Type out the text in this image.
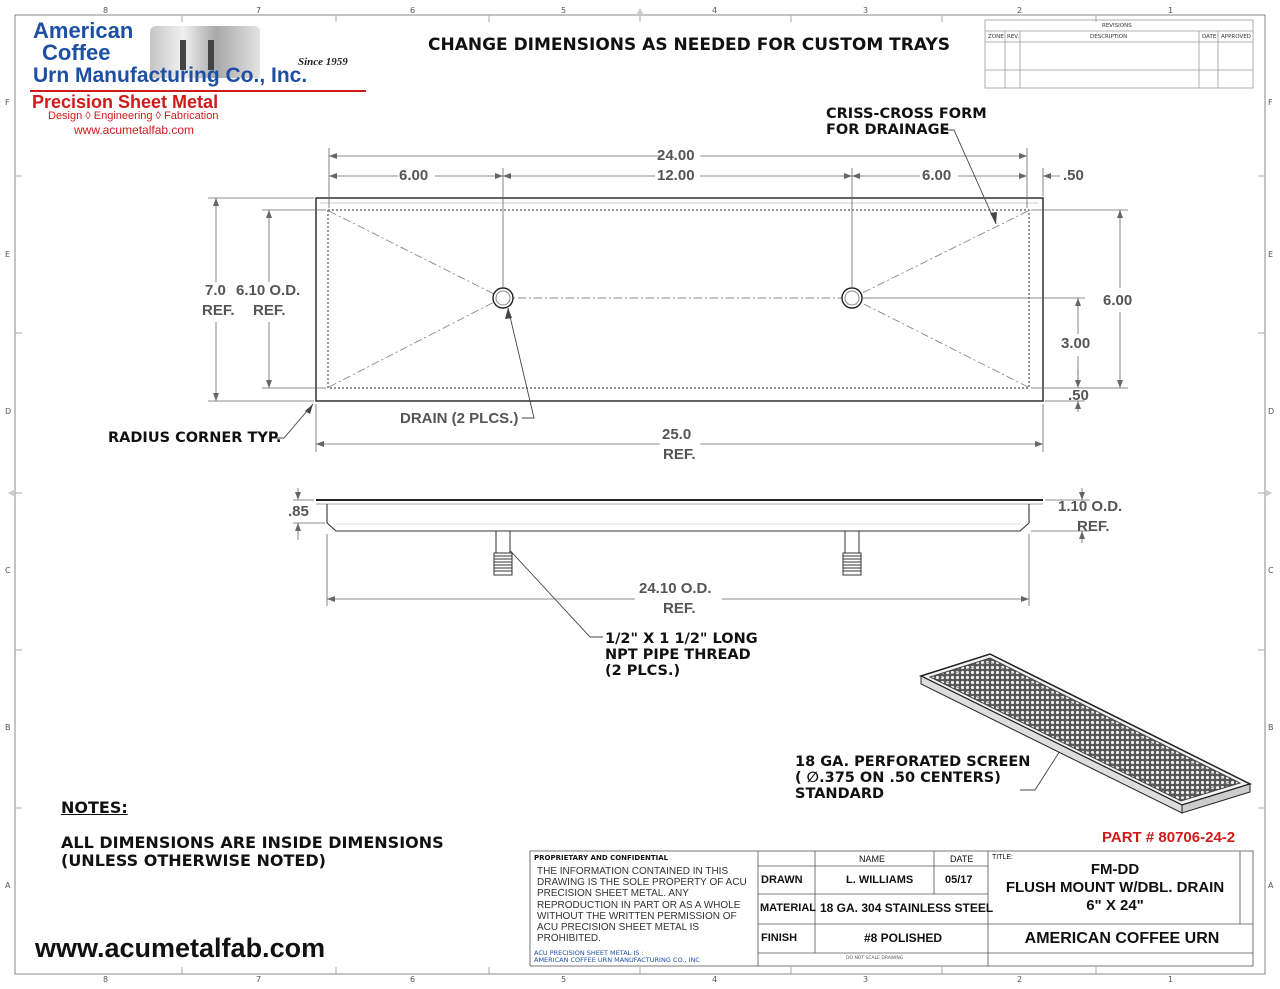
American
Coffee
Urn Manufacturing Co., Inc.
Since 1959
Precision Sheet Metal
Design ◊ Engineering ◊ Fabrication
www.acumetalfab.com
CHANGE DIMENSIONS AS NEEDED FOR CUSTOM TRAYS
8	7	6	5	4	3	2	1
8	7	6	5	4	3	2	1
F
E
D
C
B
A
F
E
D
C
B
A
REVISIONS
ZONE REV.	DESCRIPTION	DATE APPROVED
24.00
6.00	12.00	6.00	.50
7.0
REF.
6.10 O.D.
REF.
6.00
3.00
.50
25.0
REF.
.85	1.10 O.D.
REF.
24.10 O.D.
REF.
CRISS-CROSS FORM
FOR DRAINAGE
DRAIN (2 PLCS.)
RADIUS CORNER TYP.
1/2" X 1 1/2" LONG
NPT PIPE THREAD
(2 PLCS.)
18 GA. PERFORATED SCREEN
( ∅.375 ON .50 CENTERS)
STANDARD
NOTES:
ALL DIMENSIONS ARE INSIDE DIMENSIONS
(UNLESS OTHERWISE NOTED)
www.acumetalfab.com
PART # 80706-24-2
PROPRIETARY AND CONFIDENTIAL
THE INFORMATION CONTAINED IN THIS DRAWING IS THE SOLE PROPERTY OF ACU PRECISION SHEET METAL. ANY REPRODUCTION IN PART OR AS A WHOLE WITHOUT THE WRITTEN PERMISSION OF ACU PRECISION SHEET METAL IS PROHIBITED.
ACU PRECISION SHEET METAL IS :
AMERICAN COFFEE URN MANUFACTURING CO., INC
NAME	DATE	TITLE:
DRAWN	L. WILLIAMS	05/17
MATERIAL 18 GA. 304 STAINLESS STEEL
FINISH	#8 POLISHED
DO NOT SCALE DRAWING
FM-DD
FLUSH MOUNT W/DBL. DRAIN
6" X 24"
AMERICAN COFFEE URN
